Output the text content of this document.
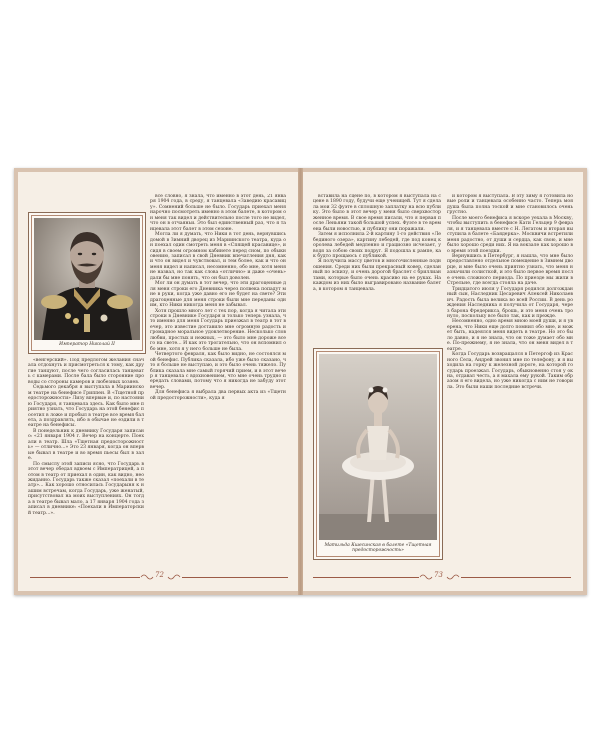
Император Николай II

«венгерский». Под предлогом желания сначала отдохнуть и присмотреться к тому, как другие танцуют, после чего согласилась танцевать с камерами. После бала было сторонние проводы со стороны камеров и любезных хозяев.

Седьмого декабря я выступала в Мариинском театре на бенефисе Гриппен. В «Тщетной предосторожности» Лизу впервые и, по настоянию Государя, я танцевала здесь. Как было мне приятно узнать, что Государь на этой бенефис посетил в ложе и пробыл в театре все время балета, а поздравлять, ибо в обычае не ездили в театре на бенефисы.

В понедельник к дневнику Государя записано: «21 января 1904 г. Вечер на концерте. Поехали в театр. Шла «Тщетная предосторожность» — отлично...» Это 23 января, когда он впервые бывал в театре и во время пьесы был в зале.

По смыслу этой записи ясно, что Государь в этот вечер обедал вдвоем с Императрицей, а потом в театр от приехал в один, как видно, неожиданно. Государь также сказал «поехали в театр»... Как хорошо относилась Государыня к нашим встречам, когда Государь, уже женатый, присутствовал на моих выступлениях. Он тогда в театре бывал мало, а 17 января 1904 года записал в дневнике: «Поехали в Императорский театр...».

все словно, я знала, что именно в этот день, 21 января 1904 года, в среду, я танцевала «Заведию красавицу». Сомнений больше не было. Государь приехал меня нарочно посмотреть именно в этом балете, в котором он меня так видел и действительно после того не видел, что он в отчаяньи. Это был единственный раз, что я танцевала этот балет в этом сезоне.

Могла ли я думать, что Ники в тот день, вернувшись домой в Зимний дворец из Мариинского театра, куда он поехал один смотреть меня в «Спящей красавице», и сидя в своем огромном кабинете перед сном, по обыкновению, записал в свой Дневник впечатления дня, как и что он видел и чувствовал, и тем более, как и что он меня видел и написал, несомненно, обо мне, хотя меня не назвал, но так как слова «отлично» и даже «очень» дали бы мне понять, что он был доволен.

Мог ли он думать в тот вечер, что эти драгоценные для меня строки его Дневника через полвека попадут мне в руки, когда уже давно его не будет на свете? Эти драгоценные для меня строки были мне переданы одним, кто Ники никогда меня не забывал.

Хотя прошло много лет с тех пор, когда я читала эти строки в Дневнике Государя и только теперь узнала, что именно для меня Государь приезжал в театр в тот вечер, это известие доставило мне огромную радость и громадное моральное удовлетворение. Несколько слов любви, простых и нежных, — это было мне дороже всего на свете... И как это трогательно, что он вспомнил обо мне, хотя я у него больше не была.

Четвертого февраля, как было видно, не состоялся мой бенефис. Публика сказала, ибо уже было сказано, что я больше не выступаю, и это было очень тяжело. Публика сказала мне самый горячий прием, и в этот вечер я танцевала с вдохновением, что мне очень трудно передать словами, потому что я никогда не забуду этот вечер.

Для бенефиса я выбрала два первых акта из «Тщетной предосторожности», куда я

72

вставила на сцене по, в котором я выступала на сцене в 1890 году, будучи еще ученицей. Тут я сделала мои 32 фуэте в сплошную заплатку на всю публику. Это было в этот вечер у меня было сверхвосторженное время. В свое время писали, что я первая после Леньяни такой большой успех. Фуэте в те времена были новостью, и публику они поражали.

Затем я исполнила 2-й картину 1-го действия «Лебединого озера», картину лебедей, где под конец королева лебедей медленно и грациозно исчезает, уводя за собою своих подруг. Я подошла к рампе, как будто прощаюсь с публикой.

Я получила массу цветов и многочисленные подношения. Среди них были прекрасный ковер, сделанный по эскизу, и очень дорогой браслет с бриллиантами, которые было очень красиво на ее руках. На каждом из них было выгравировано название балета, в котором я танцевала.

Матильда Кшесинская в балете «Тщетная предосторожность»

и котором я выступала. В эту зиму я готовила новые роли и танцевала особенно часто. Теперь моя душа была полна тоской и мне становилось очень грустно.

После моего бенефиса я вскоре уехала в Москву, чтобы выступить в бенефисе Кати Гельцер 9 февраля, и я танцевала вместе с Н. Легатом и вторая выступила в балете «Баядерка». Москвичи встретили меня радостно, от души и сердца, как свою, и мне было хорошо среди них. Я на вокзале как хорошо во время этой поездки.

Вернувшись в Петербург, я нашла, что мне было предоставлено отдельное помещение в Зимнем дворце, и мне было очень приятно узнать, что меня назначили солисткой, и это было первое время после очень сложного периода. По приезде мы жили в Стрельне, где всегда стояла на даче.

Тридцатого июля у Государя родился долгожданный сын, Наследник Цесаревич Алексей Николаевич. Радость была велика во всей России. В день рождения Наследника я получила от Государя, через барона Фредерикса, брошь, и это меня очень тронуло, поскольку все было так, как и прежде.

Несомненно, одно время мною моей души, и я уверена, что Ники еще долго помнил обо мне, и может быть, надеялся меня видеть в театре. Но это было давно, и я не знала, что он тоже думает обо мне. По-прежнему, я не знала, что он меня видел в театре.

Когда Государь возвращался в Петергоф из Красного Села, Андрей звонил мне по телефону, и я выходила на горку к железной дороге, на которой государь проезжал. Государь, обыкновенно стоя у окна, отдавал честь, а я махала ему рукой. Таким образом я его видела, но уже никогда с ним не говорила. Это были наши последние встречи.

73
